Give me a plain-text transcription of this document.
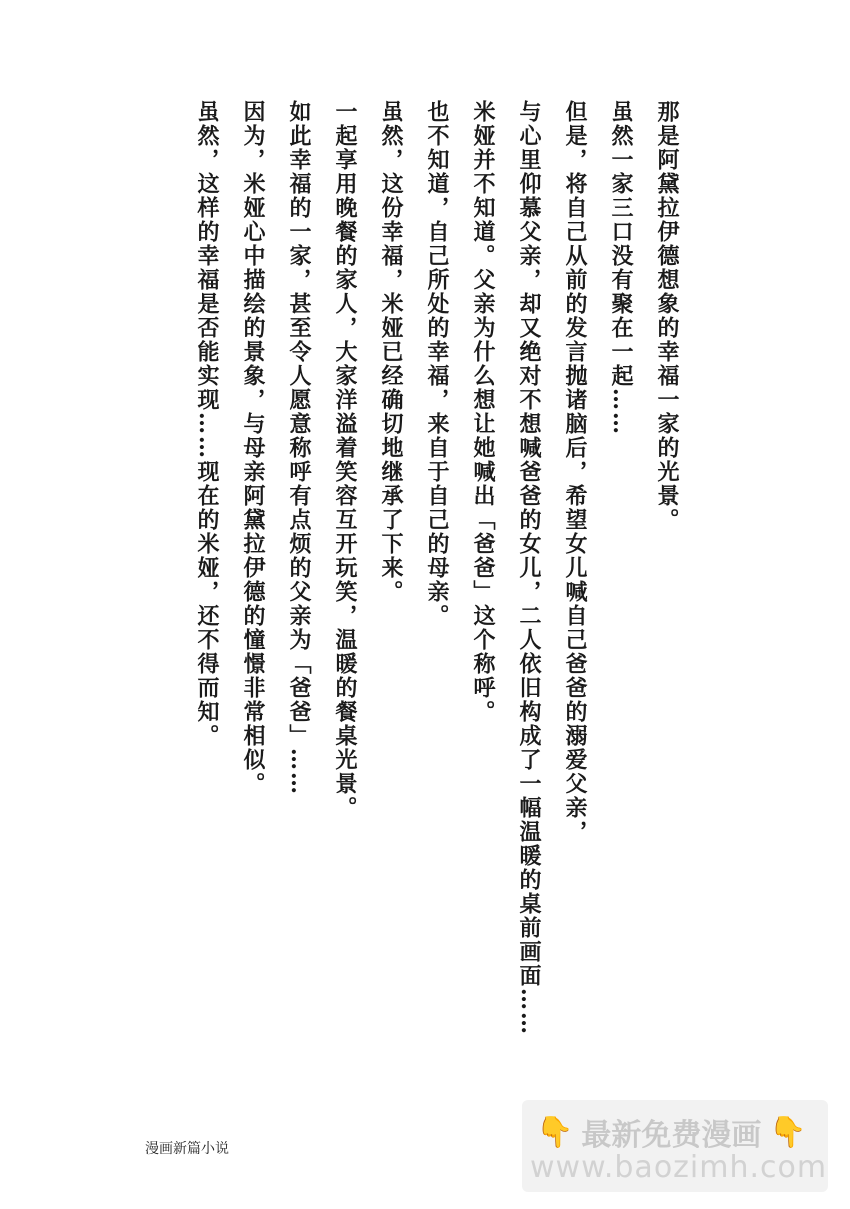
那是阿黛拉伊德想象的幸福一家的光景。

虽然一家三口没有聚在一起……

但是，将自己从前的发言抛诸脑后，希望女儿喊自己爸爸的溺爱父亲，

与心里仰慕父亲，却又绝对不想喊爸爸的女儿，二人依旧构成了一幅温暖的桌前画面……

米娅并不知道。父亲为什么想让她喊出「爸爸」这个称呼。

也不知道，自己所处的幸福，来自于自己的母亲。

虽然，这份幸福，米娅已经确切地继承了下来。

一起享用晚餐的家人，大家洋溢着笑容互开玩笑，温暖的餐桌光景。

如此幸福的一家，甚至令人愿意称呼有点烦的父亲为「爸爸」……

因为，米娅心中描绘的景象，与母亲阿黛拉伊德的憧憬非常相似。

虽然，这样的幸福是否能实现……现在的米娅，还不得而知。

漫画新篇小说	👇 最新免费漫画 👇
www.baozimh.com
